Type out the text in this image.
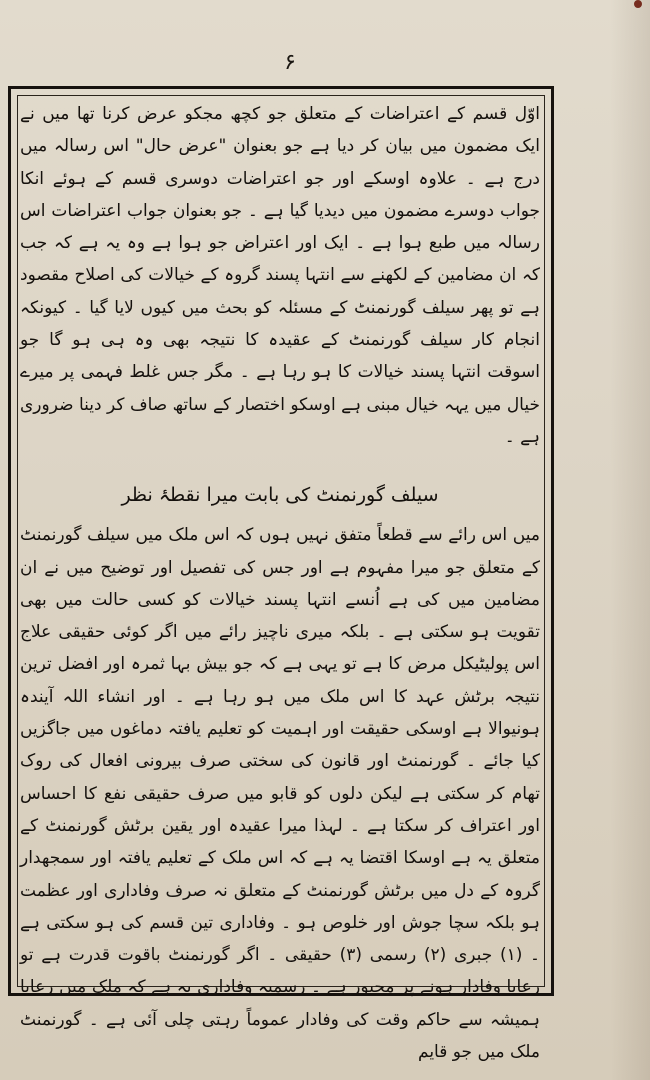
۶

اوّل قسم کے اعتراضات کے متعلق جو کچھ مجکو عرض کرنا تھا میں نے ایک مضمون میں بیان کر دیا ہے جو بعنوان "عرض حال" اس رسالہ میں درج ہے ۔ علاوہ اوسکے اور جو اعتراضات دوسری قسم کے ہوئے انکا جواب دوسرے مضمون میں دیدیا گیا ہے ۔ جو بعنوان جواب اعتراضات اس رسالہ میں طبع ہوا ہے ۔ ایک اور اعتراض جو ہوا ہے وہ یہ ہے کہ جب کہ ان مضامین کے لکھنے سے انتہا پسند گروہ کے خیالات کی اصلاح مقصود ہے تو پھر سیلف گورنمنٹ کے مسئلہ کو بحث میں کیوں لایا گیا ۔ کیونکہ انجام کار سیلف گورنمنٹ کے عقیدہ کا نتیجہ بھی وہ ہی ہو گا جو اسوقت انتہا پسند خیالات کا ہو رہا ہے ۔ مگر جس غلط فہمی پر میرے خیال میں یہہ خیال مبنی ہے اوسکو اختصار کے ساتھ صاف کر دینا ضروری ہے ۔

سیلف گورنمنٹ کی بابت میرا نقطۂ نظر

میں اس رائے سے قطعاً متفق نہیں ہوں کہ اس ملک میں سیلف گورنمنٹ کے متعلق جو میرا مفہوم ہے اور جس کی تفصیل اور توضیح میں نے ان مضامین میں کی ہے اُنسے انتہا پسند خیالات کو کسی حالت میں بھی تقویت ہو سکتی ہے ۔ بلکہ میری ناچیز رائے میں اگر کوئی حقیقی علاج اس پولیٹیکل مرض کا ہے تو یہی ہے کہ جو بیش بہا ثمرہ اور افضل ترین نتیجہ برٹش عہد کا اس ملک میں ہو رہا ہے ۔ اور انشاء اللہ آیندہ ہونیوالا ہے اوسکی حقیقت اور اہمیت کو تعلیم یافتہ دماغوں میں جاگزیں کیا جائے ۔ گورنمنٹ اور قانون کی سختی صرف بیرونی افعال کی روک تھام کر سکتی ہے لیکن دلوں کو قابو میں صرف حقیقی نفع کا احساس اور اعتراف کر سکتا ہے ۔ لہذا میرا عقیدہ اور یقین برٹش گورنمنٹ کے متعلق یہ ہے اوسکا اقتضا یہ ہے کہ اس ملک کے تعلیم یافتہ اور سمجھدار گروہ کے دل میں برٹش گورنمنٹ کے متعلق نہ صرف وفاداری اور عظمت ہو بلکہ سچا جوش اور خلوص ہو ۔ وفاداری تین قسم کی ہو سکتی ہے ۔ (۱) جبری (۲) رسمی (۳) حقیقی ۔ اگر گورنمنٹ باقوت قدرت ہے تو رعایا وفادار ہونے پر مجبور ہے ۔ رسمیہ وفاداری یہ ہے کہ ملک میں رعایا ہمیشہ سے حاکم وقت کی وفادار عموماً رہتی چلی آئی ہے ۔ گورنمنٹ ملک میں جو قایم
